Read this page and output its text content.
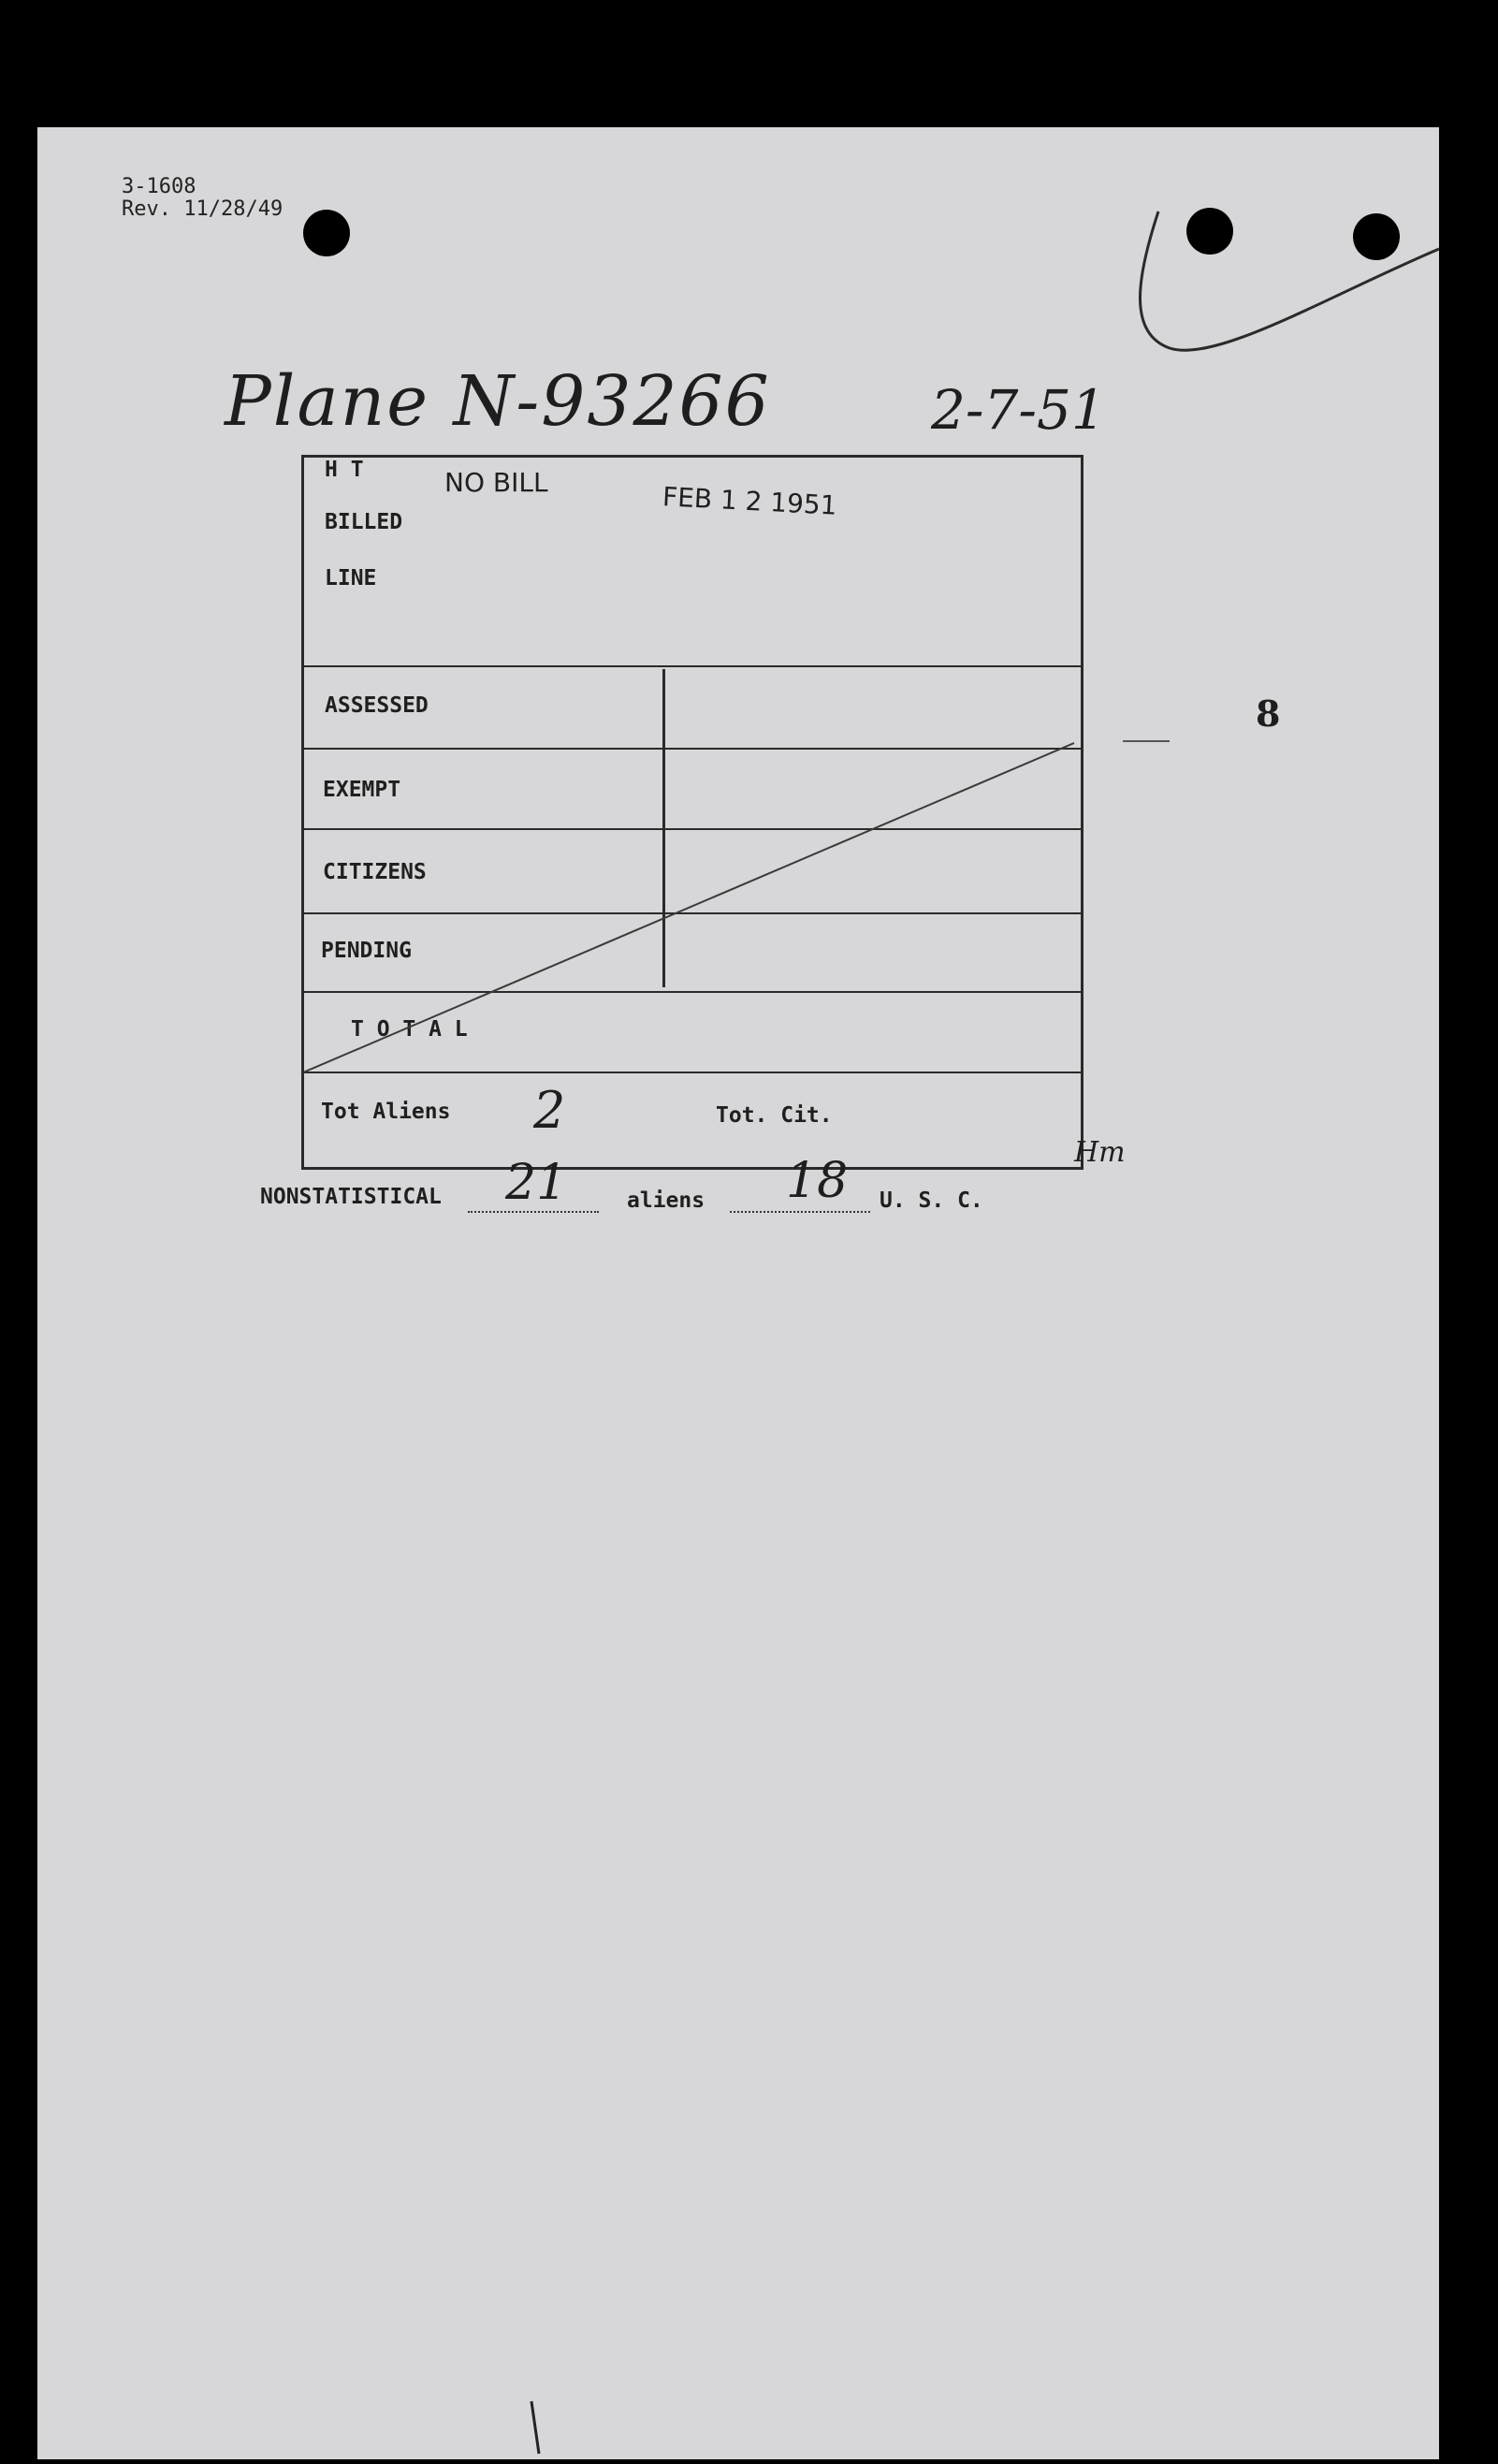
3-1608
Rev. 11/28/49
Plane N-93266	2-7-51
8
H T
BILLED
LINE
NO BILL	FEB 1 2 1951
ASSESSED
EXEMPT
CITIZENS
PENDING
T O T A L
Tot Aliens 2	Tot. Cit.
NONSTATISTICAL 21	aliens 18 U. S. C.
Hm
